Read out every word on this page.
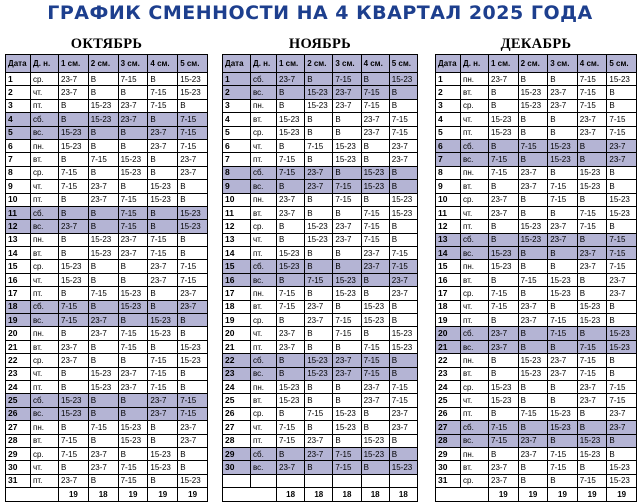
ГРАФИК СМЕННОСТИ НА 4 КВАРТАЛ 2025 ГОДА
ОКТЯБРЬ	НОЯБРЬ	ДЕКАБРЬ
Дата	Д. н.	1 см.	2 см.	3 см.	4 см.	5 см.
1	ср.	23-7	В	7-15	В	15-23
2	чт.	23-7	В	В	7-15	15-23
3	пт.	В	15-23	23-7	7-15	В
4	сб.	В	15-23	23-7	В	7-15
5	вс.	15-23	В	В	23-7	7-15
6	пн.	15-23	В	В	23-7	7-15
7	вт.	В	7-15	15-23	В	23-7
8	ср.	7-15	В	15-23	В	23-7
9	чт.	7-15	23-7	В	15-23	В
10	пт.	В	23-7	7-15	15-23	В
11	сб.	В	В	7-15	В	15-23
12	вс.	23-7	В	7-15	В	15-23
13	пн.	В	15-23	23-7	7-15	В
14	вт.	В	15-23	23-7	7-15	В
15	ср.	15-23	В	В	23-7	7-15
16	чт.	15-23	В	В	23-7	7-15
17	пт.	В	7-15	15-23	В	23-7
18	сб.	7-15	В	15-23	В	23-7
19	вс.	7-15	23-7	В	15-23	В
20	пн.	В	23-7	7-15	15-23	В
21	вт.	23-7	В	7-15	В	15-23
22	ср.	23-7	В	В	7-15	15-23
23	чт.	В	15-23	23-7	7-15	В
24	пт.	В	15-23	23-7	7-15	В
25	сб.	15-23	В	В	23-7	7-15
26	вс.	15-23	В	В	23-7	7-15
27	пн.	В	7-15	15-23	В	23-7
28	вт.	7-15	В	15-23	В	23-7
29	ср.	7-15	23-7	В	15-23	В
30	чт.	В	23-7	7-15	15-23	В
31	пт.	23-7	В	7-15	В	15-23
		19	18	19	19	19
Дата	Д. н.	1 см.	2 см.	3 см.	4 см.	5 см.
1	сб.	23-7	В	7-15	В	15-23
2	вс.	В	15-23	23-7	7-15	В
3	пн.	В	15-23	23-7	7-15	В
4	вт.	15-23	В	В	23-7	7-15
5	ср.	15-23	В	В	23-7	7-15
6	чт.	В	7-15	15-23	В	23-7
7	пт.	7-15	В	15-23	В	23-7
8	сб.	7-15	23-7	В	15-23	В
9	вс.	В	23-7	7-15	15-23	В
10	пн.	23-7	В	7-15	В	15-23
11	вт.	23-7	В	В	7-15	15-23
12	ср.	В	15-23	23-7	7-15	В
13	чт.	В	15-23	23-7	7-15	В
14	пт.	15-23	В	В	23-7	7-15
15	сб.	15-23	В	В	23-7	7-15
16	вс.	В	7-15	15-23	В	23-7
17	пн.	7-15	В	15-23	В	23-7
18	вт.	7-15	23-7	В	15-23	В
19	ср.	В	23-7	7-15	15-23	В
20	чт.	23-7	В	7-15	В	15-23
21	пт.	23-7	В	В	7-15	15-23
22	сб.	В	15-23	23-7	7-15	В
23	вс.	В	15-23	23-7	7-15	В
24	пн.	15-23	В	В	23-7	7-15
25	вт.	15-23	В	В	23-7	7-15
26	ср.	В	7-15	15-23	В	23-7
27	чт.	7-15	В	15-23	В	23-7
28	пт.	7-15	23-7	В	15-23	В
29	сб.	В	23-7	7-15	15-23	В
30	вс.	23-7	В	7-15	В	15-23

		18	18	18	18	18
Дата	Д. н.	1 см.	2 см.	3 см.	4 см.	5 см.
1	пн.	23-7	В	В	7-15	15-23
2	вт.	В	15-23	23-7	7-15	В
3	ср.	В	15-23	23-7	7-15	В
4	чт.	15-23	В	В	23-7	7-15
5	пт.	15-23	В	В	23-7	7-15
6	сб.	В	7-15	15-23	В	23-7
7	вс.	7-15	В	15-23	В	23-7
8	пн.	7-15	23-7	В	15-23	В
9	вт.	В	23-7	7-15	15-23	В
10	ср.	23-7	В	7-15	В	15-23
11	чт.	23-7	В	В	7-15	15-23
12	пт.	В	15-23	23-7	7-15	В
13	сб.	В	15-23	23-7	В	7-15
14	вс.	15-23	В	В	23-7	7-15
15	пн.	15-23	В	В	23-7	7-15
16	вт.	В	7-15	15-23	В	23-7
17	ср.	7-15	В	15-23	В	23-7
18	чт.	7-15	23-7	В	15-23	В
19	пт.	В	23-7	7-15	15-23	В
20	сб.	23-7	В	7-15	В	15-23
21	вс.	23-7	В	В	7-15	15-23
22	пн.	В	15-23	23-7	7-15	В
23	вт.	В	15-23	23-7	7-15	В
24	ср.	15-23	В	В	23-7	7-15
25	чт.	15-23	В	В	23-7	7-15
26	пт.	В	7-15	15-23	В	23-7
27	сб.	7-15	В	15-23	В	23-7
28	вс.	7-15	23-7	В	15-23	В
29	пн.	В	23-7	7-15	15-23	В
30	вт.	23-7	В	7-15	В	15-23
31	ср.	23-7	В	В	7-15	15-23
		19	19	19	19	19
